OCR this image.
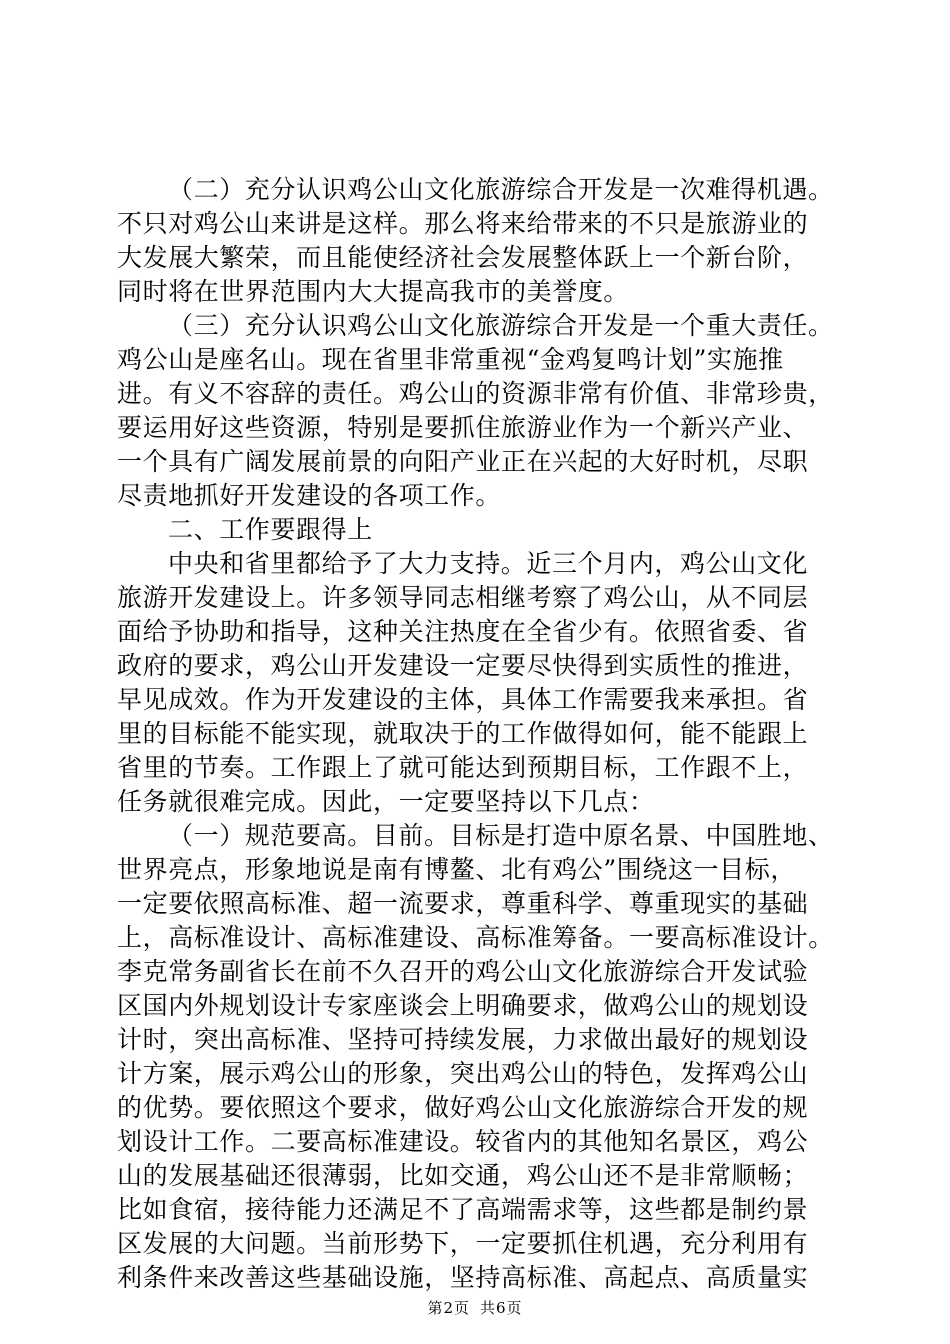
（二）充分认识鸡公山文化旅游综合开发是一次难得机遇。
不只对鸡公山来讲是这样。那么将来给带来的不只是旅游业的
大发展大繁荣，而且能使经济社会发展整体跃上一个新台阶，
同时将在世界范围内大大提高我市的美誉度。
（三）充分认识鸡公山文化旅游综合开发是一个重大责任。
鸡公山是座名山。现在省里非常重视“金鸡复鸣计划”实施推
进。有义不容辞的责任。鸡公山的资源非常有价值、非常珍贵，
要运用好这些资源，特别是要抓住旅游业作为一个新兴产业、
一个具有广阔发展前景的向阳产业正在兴起的大好时机，尽职
尽责地抓好开发建设的各项工作。
二、工作要跟得上
中央和省里都给予了大力支持。近三个月内，鸡公山文化
旅游开发建设上。许多领导同志相继考察了鸡公山，从不同层
面给予协助和指导，这种关注热度在全省少有。依照省委、省
政府的要求，鸡公山开发建设一定要尽快得到实质性的推进，
早见成效。作为开发建设的主体，具体工作需要我来承担。省
里的目标能不能实现，就取决于的工作做得如何，能不能跟上
省里的节奏。工作跟上了就可能达到预期目标，工作跟不上，
任务就很难完成。因此，一定要坚持以下几点：
（一）规范要高。目前。目标是打造中原名景、中国胜地、
世界亮点，形象地说是南有博鳌、北有鸡公”围绕这一目标，
一定要依照高标准、超一流要求，尊重科学、尊重现实的基础
上，高标准设计、高标准建设、高标准筹备。一要高标准设计。
李克常务副省长在前不久召开的鸡公山文化旅游综合开发试验
区国内外规划设计专家座谈会上明确要求，做鸡公山的规划设
计时，突出高标准、坚持可持续发展，力求做出最好的规划设
计方案，展示鸡公山的形象，突出鸡公山的特色，发挥鸡公山
的优势。要依照这个要求，做好鸡公山文化旅游综合开发的规
划设计工作。二要高标准建设。较省内的其他知名景区，鸡公
山的发展基础还很薄弱，比如交通，鸡公山还不是非常顺畅；
比如食宿，接待能力还满足不了高端需求等，这些都是制约景
区发展的大问题。当前形势下，一定要抓住机遇，充分利用有
利条件来改善这些基础设施，坚持高标准、高起点、高质量实
第2页 共6页
